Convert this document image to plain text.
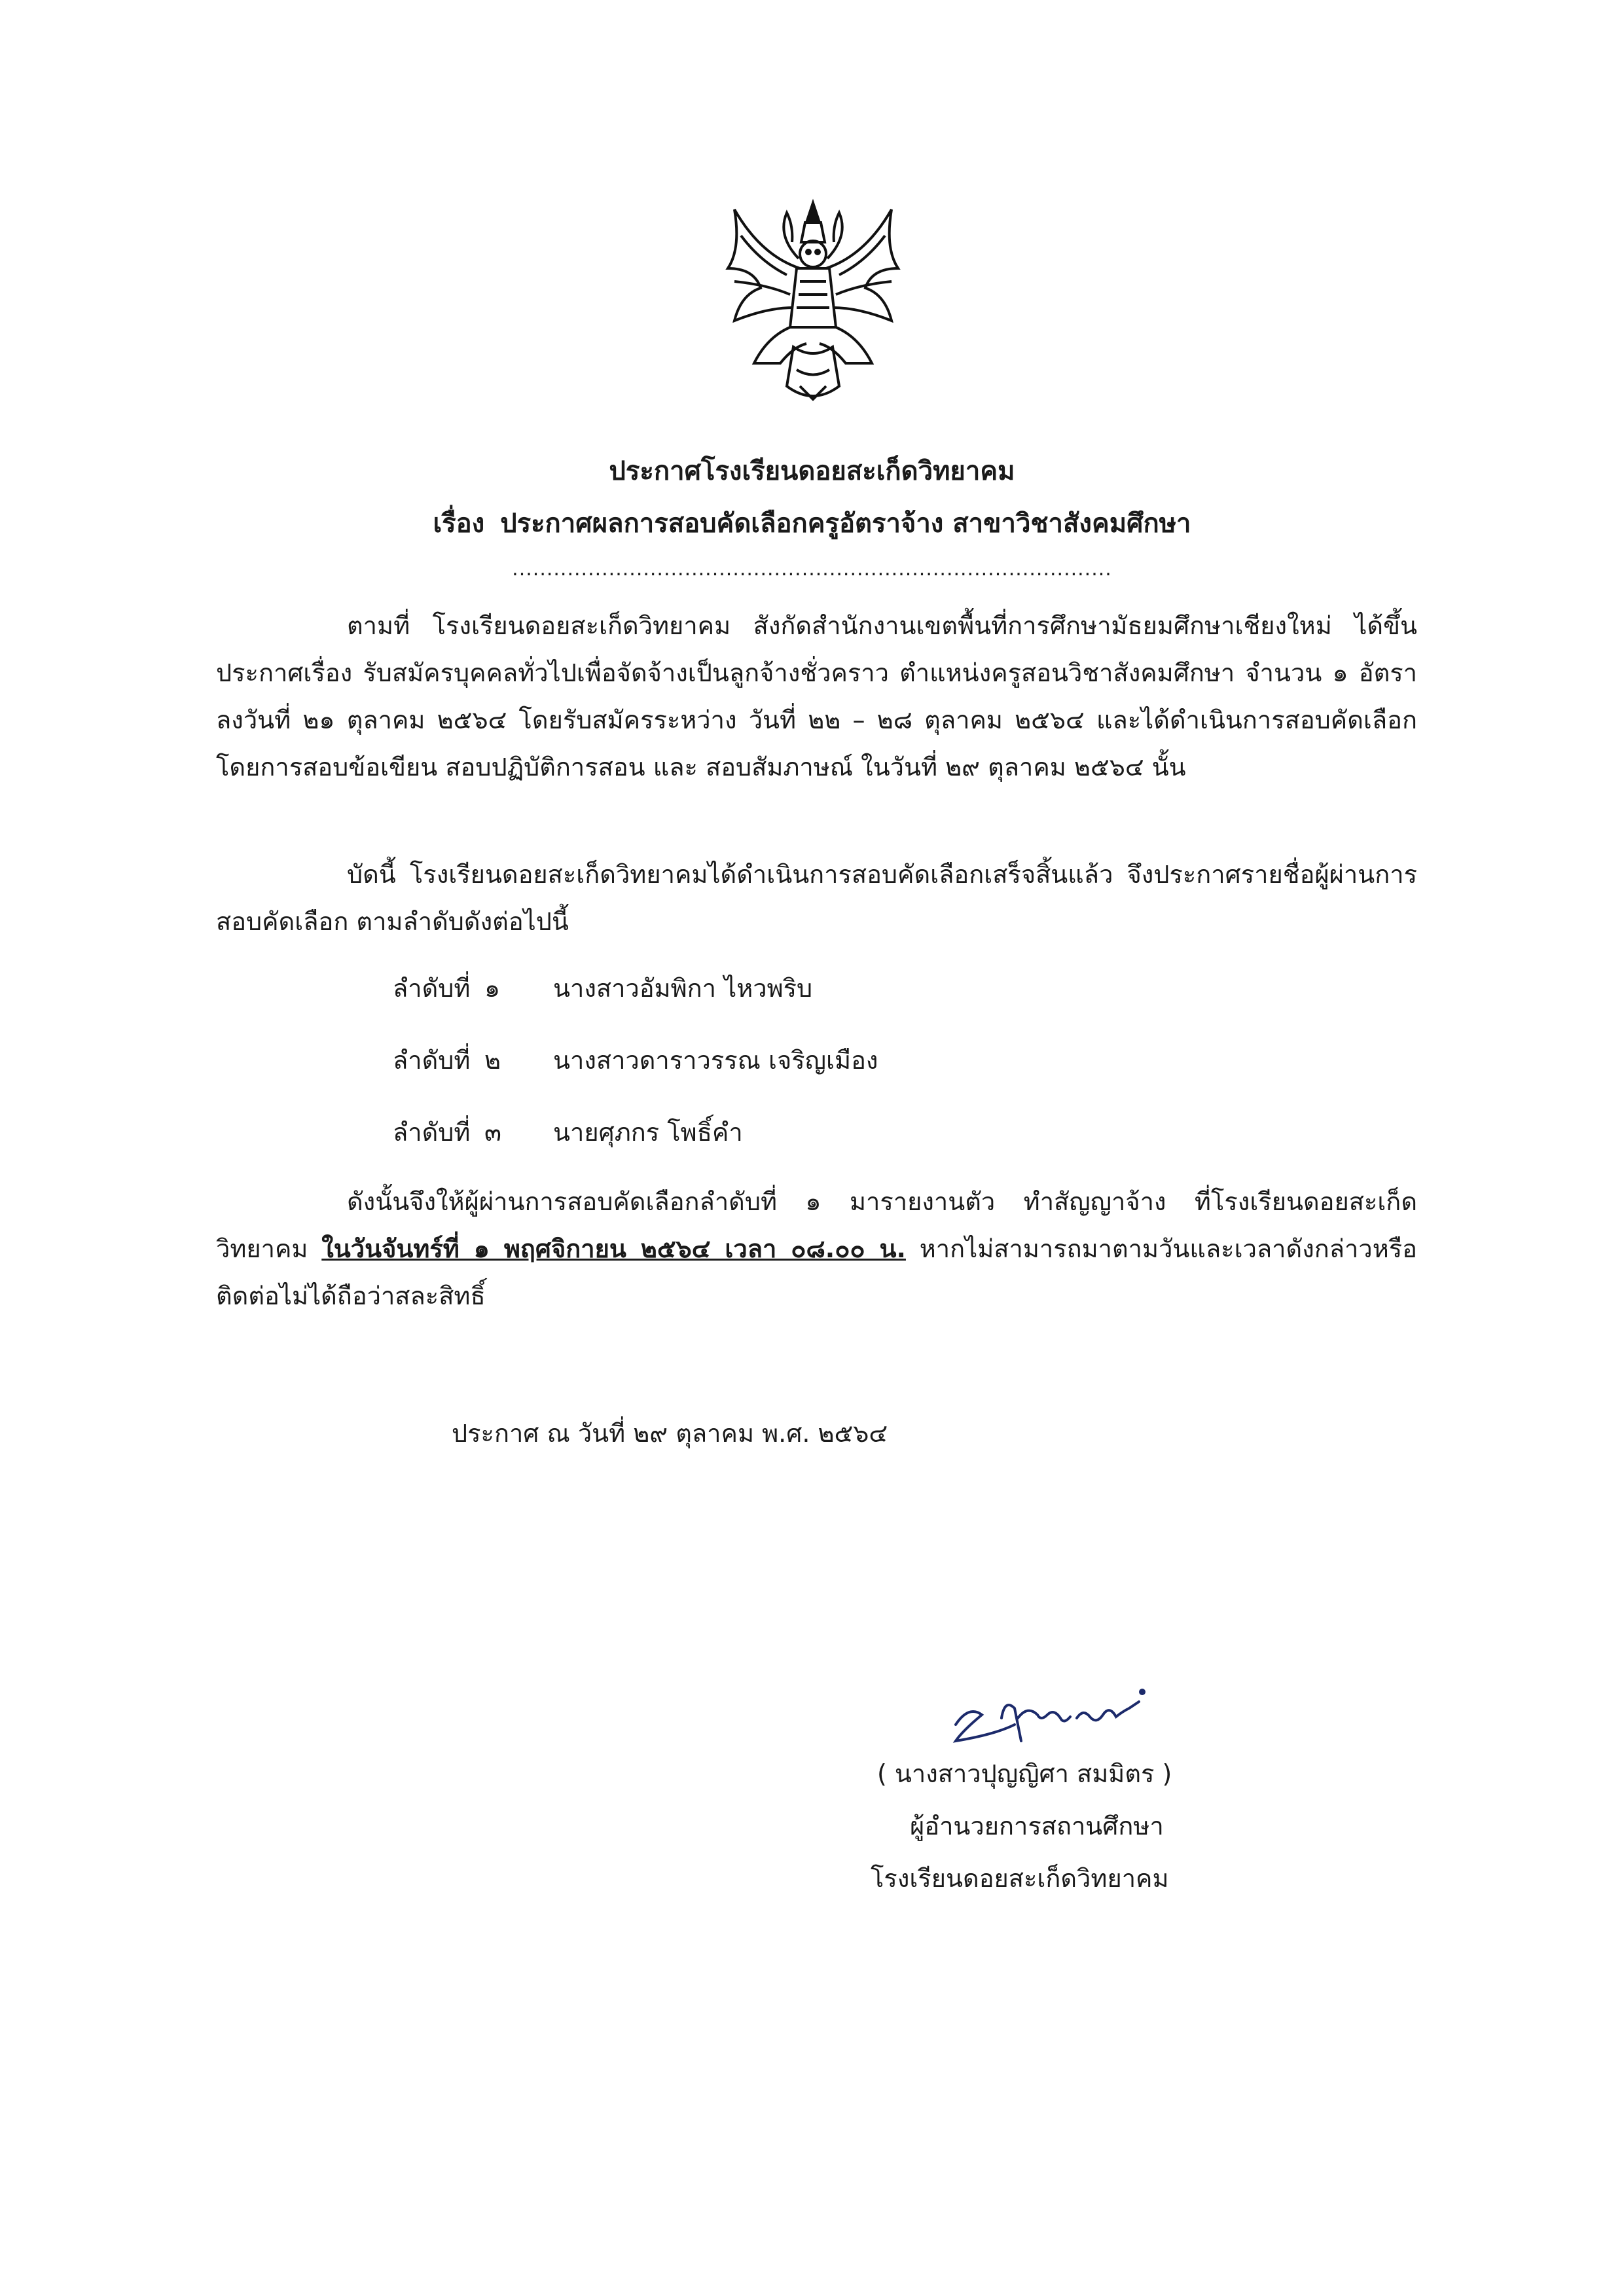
ประกาศโรงเรียนดอยสะเก็ดวิทยาคม
เรื่อง ประกาศผลการสอบคัดเลือกครูอัตราจ้าง สาขาวิชาสังคมศึกษา
.......................................................................................

ตามที่ โรงเรียนดอยสะเก็ดวิทยาคม สังกัดสำนักงานเขตพื้นที่การศึกษามัธยมศึกษาเชียงใหม่ ได้ขึ้นประกาศเรื่อง รับสมัครบุคคลทั่วไปเพื่อจัดจ้างเป็นลูกจ้างชั่วคราว ตำแหน่งครูสอนวิชาสังคมศึกษา จำนวน ๑ อัตรา ลงวันที่ ๒๑ ตุลาคม ๒๕๖๔ โดยรับสมัครระหว่าง วันที่ ๒๒ – ๒๘ ตุลาคม ๒๕๖๔ และได้ดำเนินการสอบคัดเลือกโดยการสอบข้อเขียน สอบปฏิบัติการสอน และ สอบสัมภาษณ์ ในวันที่ ๒๙ ตุลาคม ๒๕๖๔ นั้น

บัดนี้ โรงเรียนดอยสะเก็ดวิทยาคมได้ดำเนินการสอบคัดเลือกเสร็จสิ้นแล้ว จึงประกาศรายชื่อผู้ผ่านการสอบคัดเลือก ตามลำดับดังต่อไปนี้

ลำดับที่ ๑ นางสาวอัมพิกา ไหวพริบ
ลำดับที่ ๒ นางสาวดาราวรรณ เจริญเมือง
ลำดับที่ ๓ นายศุภกร โพธิ์คำ

ดังนั้นจึงให้ผู้ผ่านการสอบคัดเลือกลำดับที่ ๑ มารายงานตัว ทำสัญญาจ้าง ที่โรงเรียนดอยสะเก็ดวิทยาคม ในวันจันทร์ที่ ๑ พฤศจิกายน ๒๕๖๔ เวลา ๐๘.๐๐ น. หากไม่สามารถมาตามวันและเวลาดังกล่าวหรือติดต่อไม่ได้ถือว่าสละสิทธิ์

ประกาศ ณ วันที่ ๒๙ ตุลาคม พ.ศ. ๒๕๖๔
( นางสาวปุญญิศา สมมิตร )
ผู้อำนวยการสถานศึกษา
โรงเรียนดอยสะเก็ดวิทยาคม
